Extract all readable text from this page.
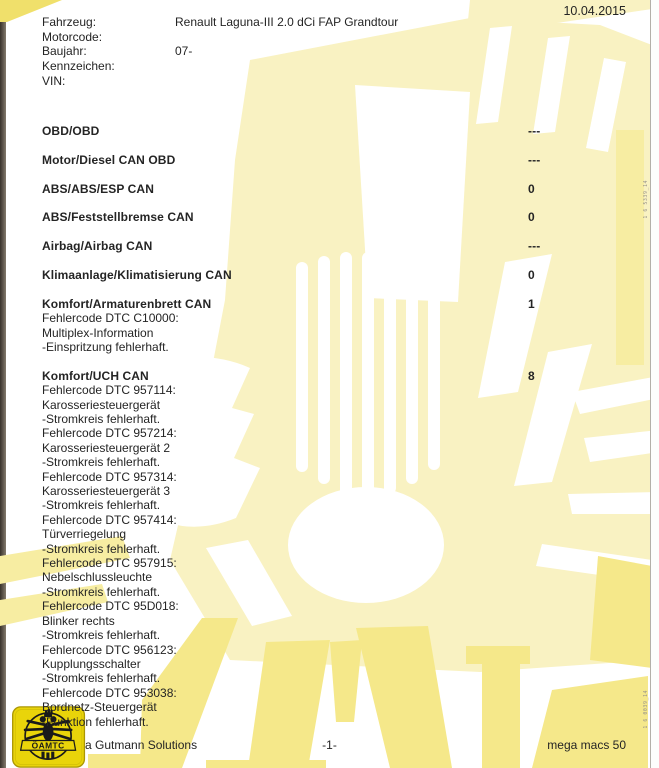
1 6 5339_14
1 6 0039_14
10.04.2015
Fahrzeug:	Renault Laguna-III 2.0 dCi FAP Grandtour
Motorcode:
Baujahr:	07-
Kennzeichen:
VIN:
OBD/OBD	---
Motor/Diesel CAN OBD	---
ABS/ABS/ESP CAN	0
ABS/Feststellbremse CAN	0
Airbag/Airbag CAN	---
Klimaanlage/Klimatisierung CAN	0
Komfort/Armaturenbrett CAN	1
Fehlercode DTC C10000:
Multiplex-Information
-Einspritzung fehlerhaft.
Komfort/UCH CAN	8
Fehlercode DTC 957114:
Karosseriesteuergerät
-Stromkreis fehlerhaft.
Fehlercode DTC 957214:
Karosseriesteuergerät 2
-Stromkreis fehlerhaft.
Fehlercode DTC 957314:
Karosseriesteuergerät 3
-Stromkreis fehlerhaft.
Fehlercode DTC 957414:
Türverriegelung
-Stromkreis fehlerhaft.
Fehlercode DTC 957915:
Nebelschlussleuchte
-Stromkreis fehlerhaft.
Fehlercode DTC 95D018:
Blinker rechts
-Stromkreis fehlerhaft.
Fehlercode DTC 956123:
Kupplungsschalter
-Stromkreis fehlerhaft.
Fehlercode DTC 953038:
Bordnetz-Steuergerät
-Funktion fehlerhaft.
a Gutmann Solutions	-1-	mega macs 50
ÖAMTC
